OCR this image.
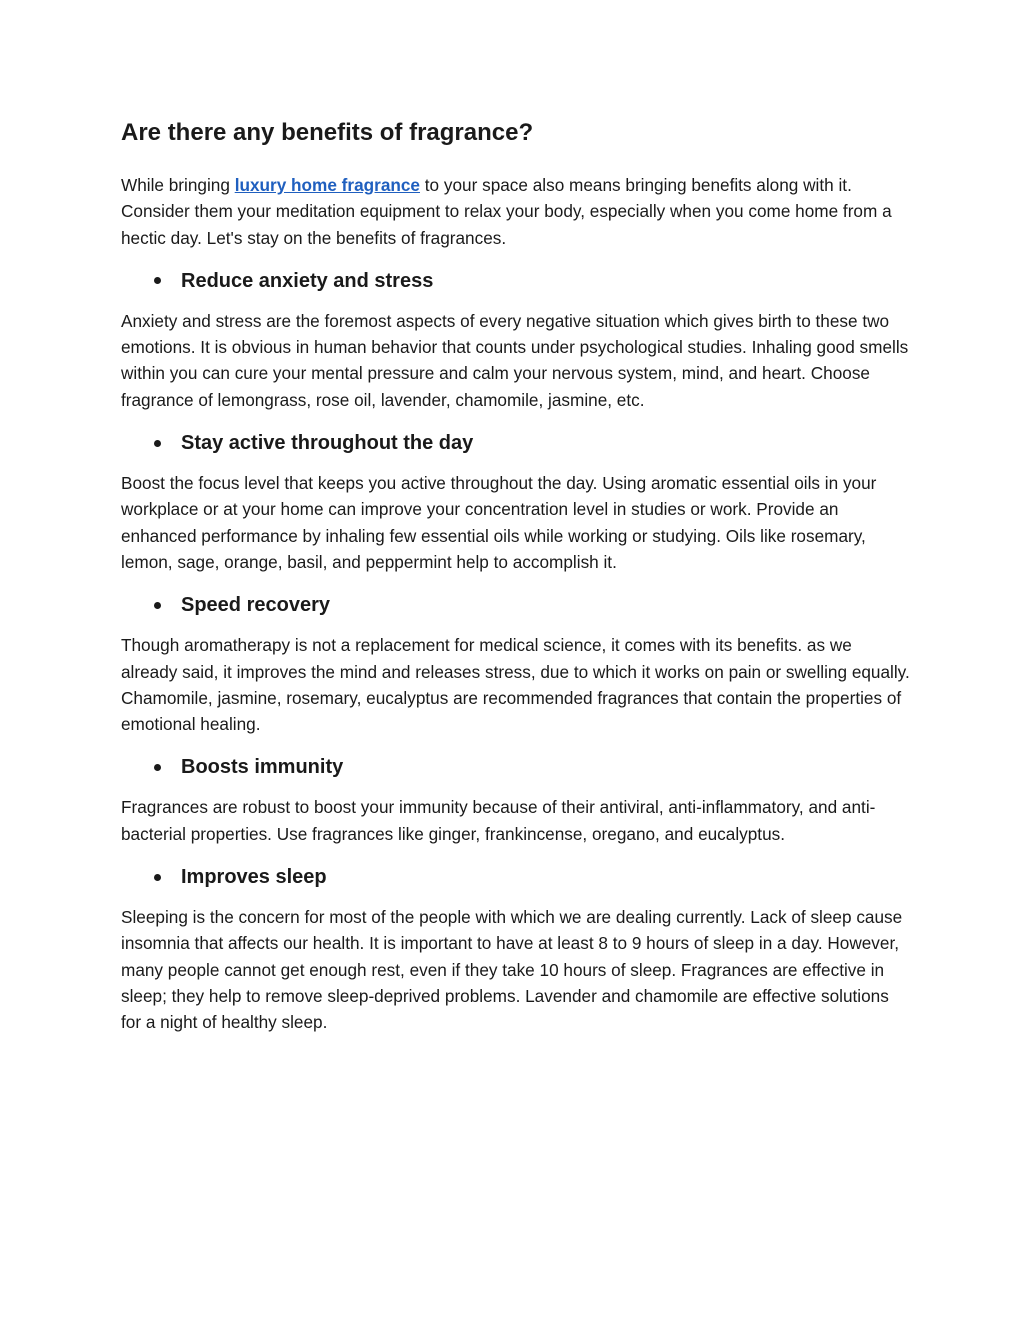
Are there any benefits of fragrance?

While bringing luxury home fragrance to your space also means bringing benefits along with it. Consider them your meditation equipment to relax your body, especially when you come home from a hectic day. Let's stay on the benefits of fragrances.

Reduce anxiety and stress

Anxiety and stress are the foremost aspects of every negative situation which gives birth to these two emotions. It is obvious in human behavior that counts under psychological studies. Inhaling good smells within you can cure your mental pressure and calm your nervous system, mind, and heart. Choose fragrance of lemongrass, rose oil, lavender, chamomile, jasmine, etc.

Stay active throughout the day

Boost the focus level that keeps you active throughout the day. Using aromatic essential oils in your workplace or at your home can improve your concentration level in studies or work. Provide an enhanced performance by inhaling few essential oils while working or studying. Oils like rosemary, lemon, sage, orange, basil, and peppermint help to accomplish it.

Speed recovery

Though aromatherapy is not a replacement for medical science, it comes with its benefits. as we already said, it improves the mind and releases stress, due to which it works on pain or swelling equally. Chamomile, jasmine, rosemary, eucalyptus are recommended fragrances that contain the properties of emotional healing.

Boosts immunity

Fragrances are robust to boost your immunity because of their antiviral, anti-inflammatory, and anti-bacterial properties. Use fragrances like ginger, frankincense, oregano, and eucalyptus.

Improves sleep

Sleeping is the concern for most of the people with which we are dealing currently. Lack of sleep cause insomnia that affects our health. It is important to have at least 8 to 9 hours of sleep in a day. However, many people cannot get enough rest, even if they take 10 hours of sleep. Fragrances are effective in sleep; they help to remove sleep-deprived problems. Lavender and chamomile are effective solutions for a night of healthy sleep.
